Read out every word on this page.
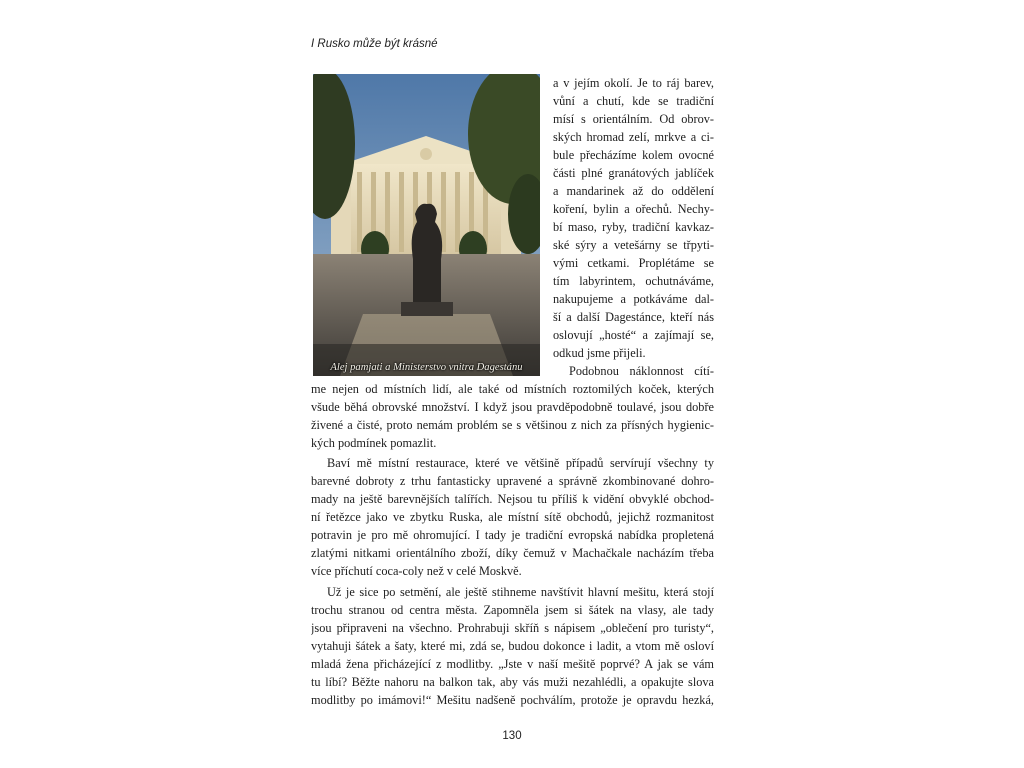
I Rusko může být krásné
Alej pamjati a Ministerstvo vnitra Dagestánu
a v jejím okolí. Je to ráj barev,
vůní a chutí, kde se tradiční
mísí s orientálním. Od obrov-
ských hromad zelí, mrkve a ci-
bule přecházíme kolem ovocné
části plné granátových jablíček
a mandarinek až do oddělení
koření, bylin a ořechů. Nechy-
bí maso, ryby, tradiční kavkaz-
ské sýry a vetešárny se třpyti-
vými cetkami. Proplétáme se
tím labyrintem, ochutnáváme,
nakupujeme a potkáváme dal-
ší a další Dagestánce, kteří nás
oslovují „hosté“ a zajímají se,
odkud jsme přijeli.
Podobnou náklonnost cítí-
me nejen od místních lidí, ale také od místních roztomilých koček, kterých
všude běhá obrovské množství. I když jsou pravděpodobně toulavé, jsou dobře
živené a čisté, proto nemám problém se s většinou z nich za přísných hygienic-
kých podmínek pomazlit.
Baví mě místní restaurace, které ve většině případů servírují všechny ty
barevné dobroty z trhu fantasticky upravené a správně zkombinované dohro-
mady na ještě barevnějších talířích. Nejsou tu příliš k vidění obvyklé obchod-
ní řetězce jako ve zbytku Ruska, ale místní sítě obchodů, jejichž rozmanitost
potravin je pro mě ohromující. I tady je tradiční evropská nabídka propletená
zlatými nitkami orientálního zboží, díky čemuž v Machačkale nacházím třeba
více příchutí coca-coly než v celé Moskvě.
Už je sice po setmění, ale ještě stihneme navštívit hlavní mešitu, která stojí
trochu stranou od centra města. Zapomněla jsem si šátek na vlasy, ale tady
jsou připraveni na všechno. Prohrabuji skříň s nápisem „oblečení pro turisty“,
vytahuji šátek a šaty, které mi, zdá se, budou dokonce i ladit, a vtom mě osloví
mladá žena přicházející z modlitby. „Jste v naší mešitě poprvé? A jak se vám
tu líbí? Běžte nahoru na balkon tak, aby vás muži nezahlédli, a opakujte slova
modlitby po imámovi!“ Mešitu nadšeně pochválím, protože je opravdu hezká,
130
